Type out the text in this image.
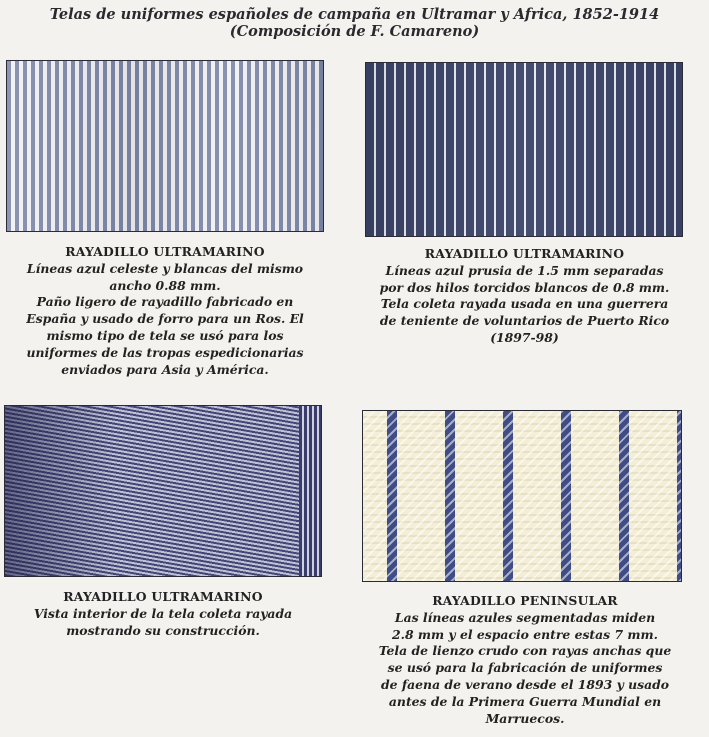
Telas de uniformes españoles de campaña en Ultramar y Africa, 1852-1914
(Composición de F. Camareno)
RAYADILLO ULTRAMARINO
Líneas azul celeste y blancas del mismo
ancho 0.88 mm.
Paño ligero de rayadillo fabricado en
España y usado de forro para un Ros. El
mismo tipo de tela se usó para los
uniformes de las tropas espedicionarias
enviados para Asia y América.
RAYADILLO ULTRAMARINO
Líneas azul prusia de 1.5 mm separadas
por dos hilos torcidos blancos de 0.8 mm.
Tela coleta rayada usada en una guerrera
de teniente de voluntarios de Puerto Rico
(1897-98)
RAYADILLO ULTRAMARINO
Vista interior de la tela coleta rayada
mostrando su construcción.
RAYADILLO PENINSULAR
Las líneas azules segmentadas miden
2.8 mm y el espacio entre estas 7 mm.
Tela de lienzo crudo con rayas anchas que
se usó para la fabricación de uniformes
de faena de verano desde el 1893 y usado
antes de la Primera Guerra Mundial en
Marruecos.
